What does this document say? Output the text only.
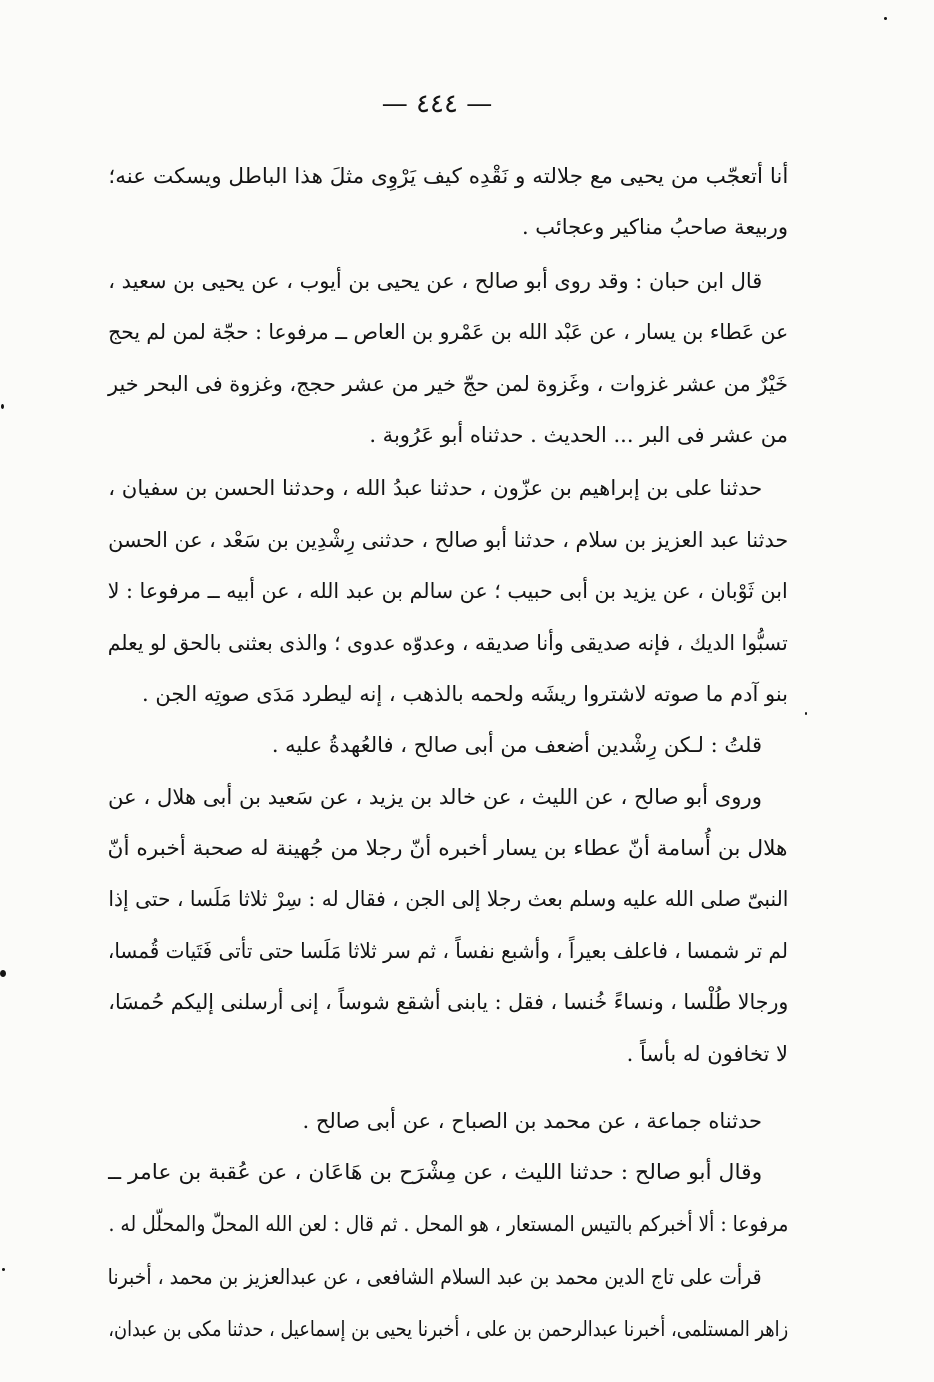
— ٤٤٤ —
أنا أتعجّب من يحيى مع جلالته و نَقْدِه كيف يَرْوِى مثلَ هذا الباطل ويسكت عنه؛
وربيعة صاحبُ مناكير وعجائب .
قال ابن حبان : وقد روى أبو صالح ، عن يحيى بن أيوب ، عن يحيى بن سعيد ،
عن عَطاء بن يسار ، عن عَبْد الله بن عَمْرو بن العاص ــ مرفوعا : حجّة لمن لم يحج
خَيْرٌ من عشر غزوات ، وغَزوة لمن حجّ خير من عشر حجج، وغزوة فى البحر خير
من عشر فى البر ... الحديث . حدثناه أبو عَرُوبة .
حدثنا على بن إبراهيم بن عزّون ، حدثنا عبدُ الله ، وحدثنا الحسن بن سفيان ،
حدثنا عبد العزيز بن سلام ، حدثنا أبو صالح ، حدثنى رِشْدِين بن سَعْد ، عن الحسن
ابن ثَوْبان ، عن يزيد بن أبى حبيب ؛ عن سالم بن عبد الله ، عن أبيه ــ مرفوعا : لا
تسبُّوا الديك ، فإنه صديقى وأنا صديقه ، وعدوّه عدوى ؛ والذى بعثنى بالحق لو يعلم
بنو آدم ما صوته لاشتروا ريشَه ولحمه بالذهب ، إنه ليطرد مَدَى صوتِه الجن .
قلتُ : لـكن رِشْدين أضعف من أبى صالح ، فالعُهدةُ عليه .
وروى أبو صالح ، عن الليث ، عن خالد بن يزيد ، عن سَعيد بن أبى هلال ، عن
هلال بن أُسامة أنّ عطاء بن يسار أخبره أنّ رجلا من جُهينة له صحبة أخبره أنّ
النبىّ صلى الله عليه وسلم بعث رجلا إلى الجن ، فقال له : سِرْ ثلاثا مَلَسا ، حتى إذا
لم تر شمسا ، فاعلف بعيراً ، وأشبع نفساً ، ثم سر ثلاثا مَلَسا حتى تأتى فَتَيات قُمسا،
ورجالا طُلْسا ، ونساءً خُنسا ، فقل : يابنى أشقع شوساً ، إنى أرسلنى إليكم حُمسَا،
لا تخافون له بأساً .
حدثناه جماعة ، عن محمد بن الصباح ، عن أبى صالح .
وقال أبو صالح : حدثنا الليث ، عن مِشْرَح بن هَاعَان ، عن عُقبة بن عامر ــ
مرفوعا : ألا أخبركم بالتيس المستعار ، هو المحل . ثم قال : لعن الله المحلّ والمحلّل له .
قرأت على تاج الدين محمد بن عبد السلام الشافعى ، عن عبدالعزيز بن محمد ، أخبرنا
زاهر المستلمى، أخبرنا عبدالرحمن بن على ، أخبرنا يحيى بن إسماعيل ، حدثنا مكى بن عبدان،
